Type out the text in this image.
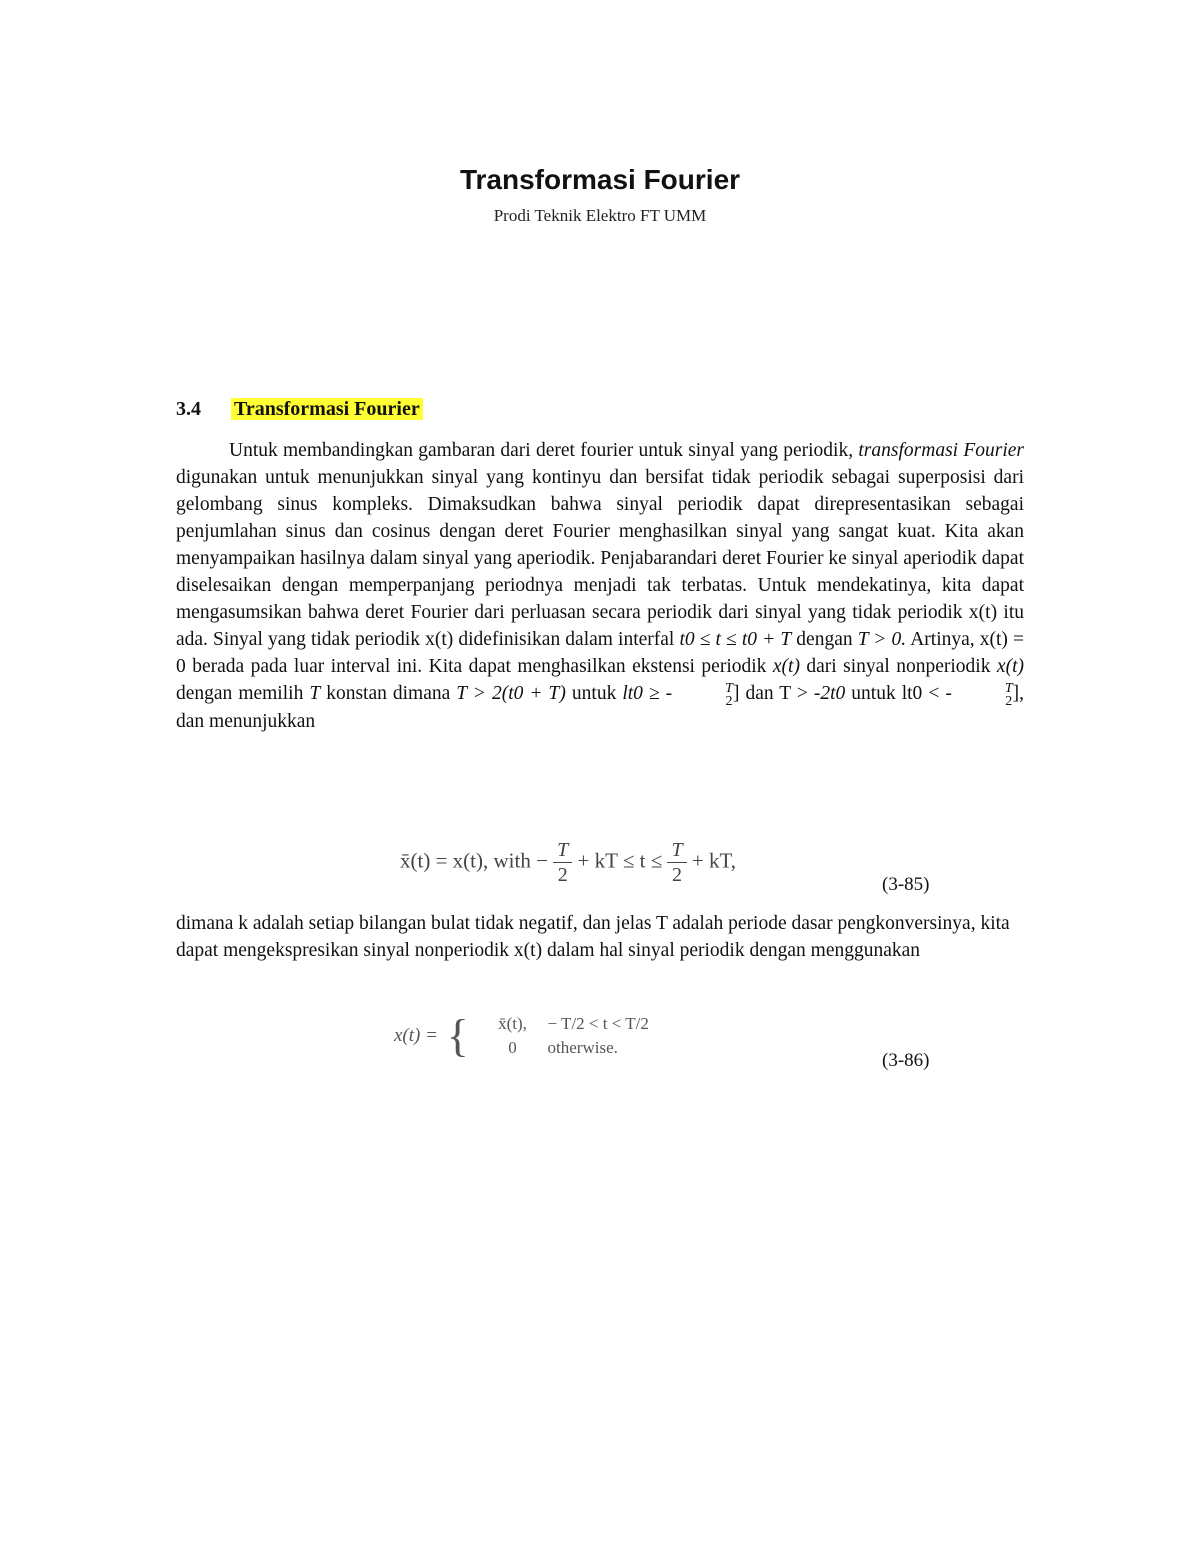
Transformasi Fourier
Prodi Teknik Elektro FT UMM
3.4 Transformasi Fourier

Untuk membandingkan gambaran dari deret fourier untuk sinyal yang periodik, transformasi Fourier digunakan untuk menunjukkan sinyal yang kontinyu dan bersifat tidak periodik sebagai superposisi dari gelombang sinus kompleks. Dimaksudkan bahwa sinyal periodik dapat direpresentasikan sebagai penjumlahan sinus dan cosinus dengan deret Fourier menghasilkan sinyal yang sangat kuat. Kita akan menyampaikan hasilnya dalam sinyal yang aperiodik. Penjabarandari deret Fourier ke sinyal aperiodik dapat diselesaikan dengan memperpanjang periodnya menjadi tak terbatas. Untuk mendekatinya, kita dapat mengasumsikan bahwa deret Fourier dari perluasan secara periodik dari sinyal yang tidak periodik x(t) itu ada. Sinyal yang tidak periodik x(t) didefinisikan dalam interfal t0 ≤ t ≤ t0 + T dengan T > 0. Artinya, x(t) = 0 berada pada luar interval ini. Kita dapat menghasilkan ekstensi periodik x(t) dari sinyal nonperiodik x(t) dengan memilih T konstan dimana T > 2(t0 + T) untuk lt0 ≥ -	T
2 ] dan T > -2t0 untuk lt0 < -	T
2 ], dan menunjukkan

x̄(t) = x(t), with − $\frac{T}{2}$ + kT ≤ $t \le \frac{T}{2}$ + kT,
(3-85)

dimana k adalah setiap bilangan bulat tidak negatif, dan jelas T adalah periode dasar pengkonversinya, kita dapat mengekspresikan sinyal nonperiodik x(t) dalam hal sinyal periodik dengan menggunakan

x(t) = {	x̄(t),	− T/2 < t < T/2
0	otherwise.
(3-86)
